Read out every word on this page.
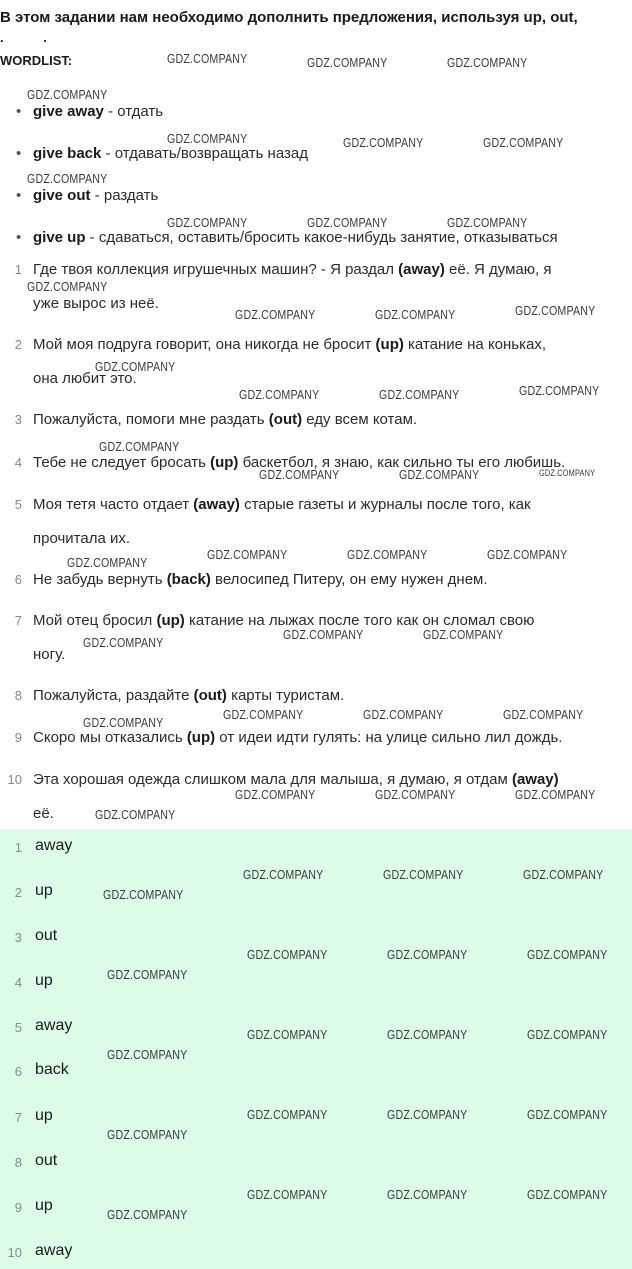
В этом задании нам необходимо дополнить предложения, используя up, out,
. .
WORDLIST:
• give away - отдать
• give back - отдавать/возвращать назад
• give out - раздать
• give up - сдаваться, оставить/бросить какое-нибудь занятие, отказываться
1 Где твоя коллекция игрушечных машин? - Я раздал (away) её. Я думаю, я
уже вырос из неё.
2 Мой моя подруга говорит, она никогда не бросит (up) катание на коньках,
она любит это.
3 Пожалуйста, помоги мне раздать (out) еду всем котам.
4 Тебе не следует бросать (up) баскетбол, я знаю, как сильно ты его любишь.
5 Моя тетя часто отдает (away) старые газеты и журналы после того, как
прочитала их.
6 Не забудь вернуть (back) велосипед Питеру, он ему нужен днем.
7 Мой отец бросил (up) катание на лыжах после того как он сломал свою
ногу.
8 Пожалуйста, раздайте (out) карты туристам.
9 Скоро мы отказались (up) от идеи идти гулять: на улице сильно лил дождь.
10 Эта хорошая одежда слишком мала для малыша, я думаю, я отдам (away)
её.
1 away
2 up
3 out
4 up
5 away
6 back
7 up
8 out
9 up
10 away
GDZ.COMPANY	GDZ.COMPANY	GDZ.COMPANY
GDZ.COMPANY
GDZ.COMPANY	GDZ.COMPANY	GDZ.COMPANY
GDZ.COMPANY
GDZ.COMPANY	GDZ.COMPANY	GDZ.COMPANY
GDZ.COMPANY
GDZ.COMPANY	GDZ.COMPANY	GDZ.COMPANY
GDZ.COMPANY
GDZ.COMPANY	GDZ.COMPANY	GDZ.COMPANY
GDZ.COMPANY
GDZ.COMPANY	GDZ.COMPANY
GDZ.COMPANY
GDZ.COMPANY	GDZ.COMPANY	GDZ.COMPANY
GDZ.COMPANY	GDZ.COMPANY
GDZ.COMPANY
GDZ.COMPANY	GDZ.COMPANY	GDZ.COMPANY
GDZ.COMPANY
GDZ.COMPANY	GDZ.COMPANY	GDZ.COMPANY
GDZ.COMPANY
GDZ.COMPANY	GDZ.COMPANY	GDZ.COMPANY
GDZ.COMPANY
GDZ.COMPANY	GDZ.COMPANY	GDZ.COMPANY
GDZ.COMPANY
GDZ.COMPANY	GDZ.COMPANY	GDZ.COMPANY
GDZ.COMPANY
GDZ.COMPANY	GDZ.COMPANY	GDZ.COMPANY
GDZ.COMPANY
GDZ.COMPANY	GDZ.COMPANY	GDZ.COMPANY
GDZ.COMPANY
GDZ.COMPANY
